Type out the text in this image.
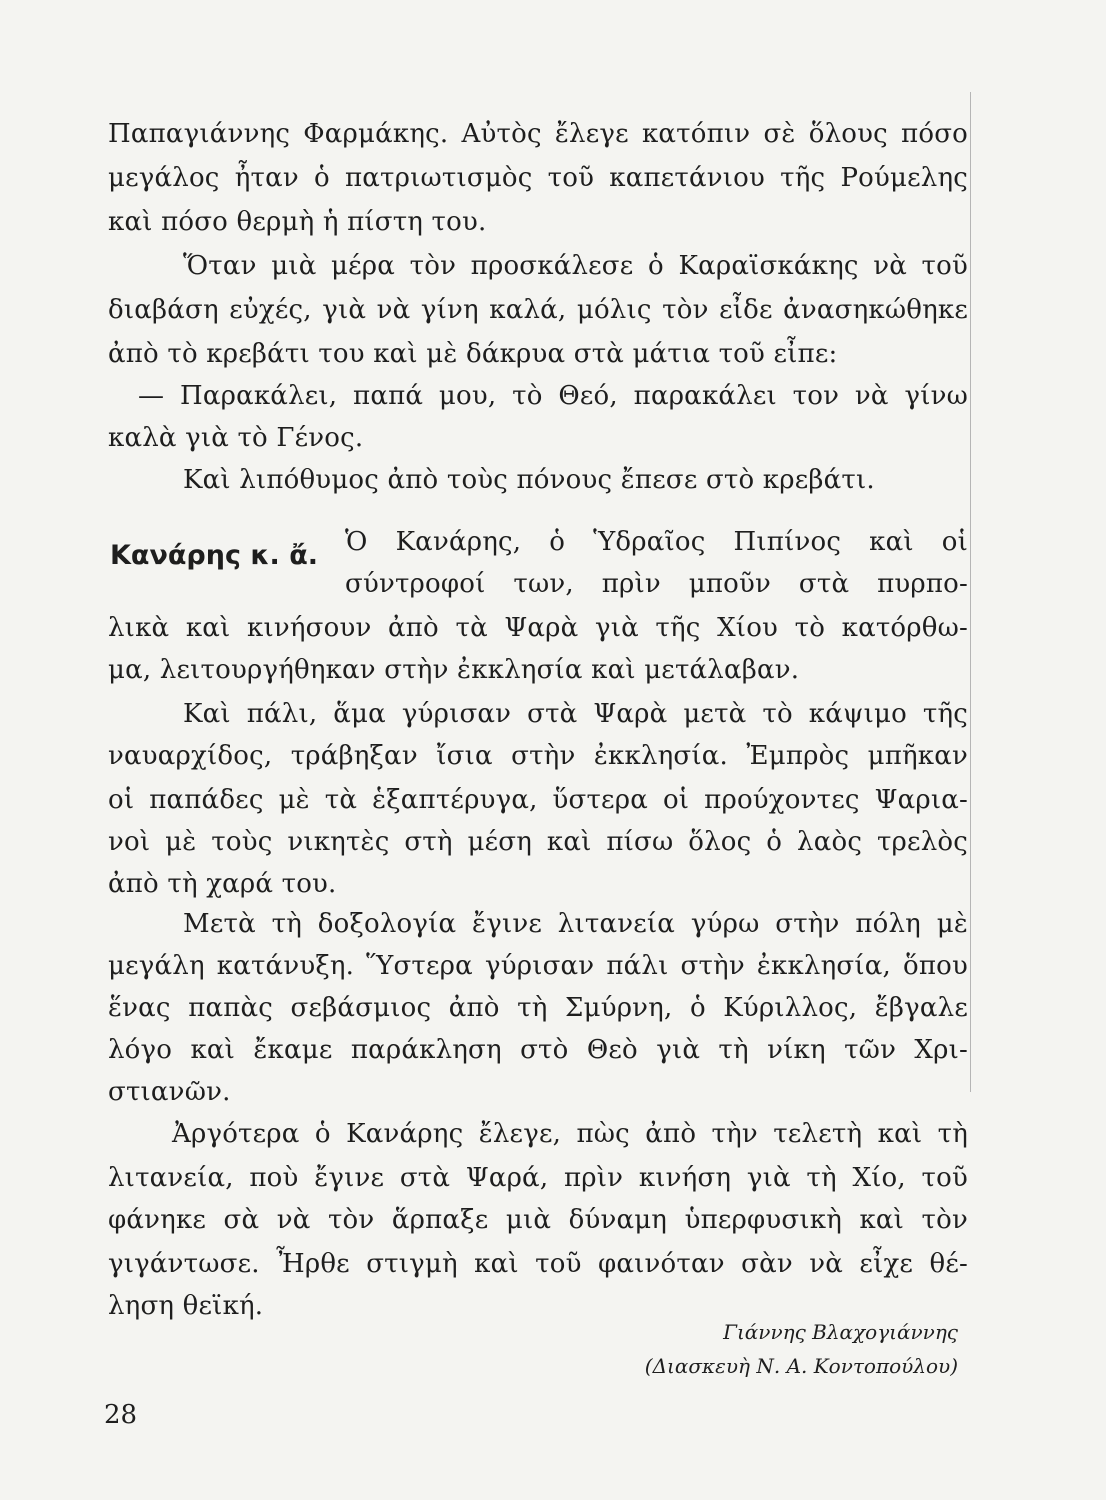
Παπαγιάννης Φαρμάκης. Αὐτὸς ἔλεγε κατόπιν σὲ ὅλους πόσο
μεγάλος ἦταν ὁ πατριωτισμὸς τοῦ καπετάνιου τῆς Ρούμελης
καὶ πόσο θερμὴ ἡ πίστη του.
Ὅταν μιὰ μέρα τὸν προσκάλεσε ὁ Καραϊσκάκης νὰ τοῦ
διαβάση εὐχές, γιὰ νὰ γίνη καλά, μόλις τὸν εἶδε ἀνασηκώθηκε
ἀπὸ τὸ κρεβάτι του καὶ μὲ δάκρυα στὰ μάτια τοῦ εἶπε:
— Παρακάλει, παπά μου, τὸ Θεό, παρακάλει τον νὰ γίνω
καλὰ γιὰ τὸ Γένος.
Καὶ λιπόθυμος ἀπὸ τοὺς πόνους ἔπεσε στὸ κρεβάτι.
Κανάρης κ. ἄ. Ὁ Κανάρης, ὁ Ὑδραῖος Πιπίνος καὶ οἱ
σύντροφοί των, πρὶν μποῦν στὰ πυρπο-
λικὰ καὶ κινήσουν ἀπὸ τὰ Ψαρὰ γιὰ τῆς Χίου τὸ κατόρθω-
μα, λειτουργήθηκαν στὴν ἐκκλησία καὶ μετάλαβαν.
Καὶ πάλι, ἅμα γύρισαν στὰ Ψαρὰ μετὰ τὸ κάψιμο τῆς
ναυαρχίδος, τράβηξαν ἴσια στὴν ἐκκλησία. Ἐμπρὸς μπῆκαν
οἱ παπάδες μὲ τὰ ἑξαπτέρυγα, ὕστερα οἱ προύχοντες Ψαρια-
νοὶ μὲ τοὺς νικητὲς στὴ μέση καὶ πίσω ὅλος ὁ λαὸς τρελὸς
ἀπὸ τὴ χαρά του.
Μετὰ τὴ δοξολογία ἔγινε λιτανεία γύρω στὴν πόλη μὲ
μεγάλη κατάνυξη. Ὕστερα γύρισαν πάλι στὴν ἐκκλησία, ὅπου
ἕνας παπὰς σεβάσμιος ἀπὸ τὴ Σμύρνη, ὁ Κύριλλος, ἔβγαλε
λόγο καὶ ἔκαμε παράκληση στὸ Θεὸ γιὰ τὴ νίκη τῶν Χρι-
στιανῶν.
Ἀργότερα ὁ Κανάρης ἔλεγε, πὼς ἀπὸ τὴν τελετὴ καὶ τὴ
λιτανεία, ποὺ ἔγινε στὰ Ψαρά, πρὶν κινήση γιὰ τὴ Χίο, τοῦ
φάνηκε σὰ νὰ τὸν ἅρπαξε μιὰ δύναμη ὑπερφυσικὴ καὶ τὸν
γιγάντωσε. Ἦρθε στιγμὴ καὶ τοῦ φαινόταν σὰν νὰ εἶχε θέ-
ληση θεϊκή.
Γιάννης Βλαχογιάννης
(Διασκευὴ Ν. Α. Κοντοπούλου)
28
